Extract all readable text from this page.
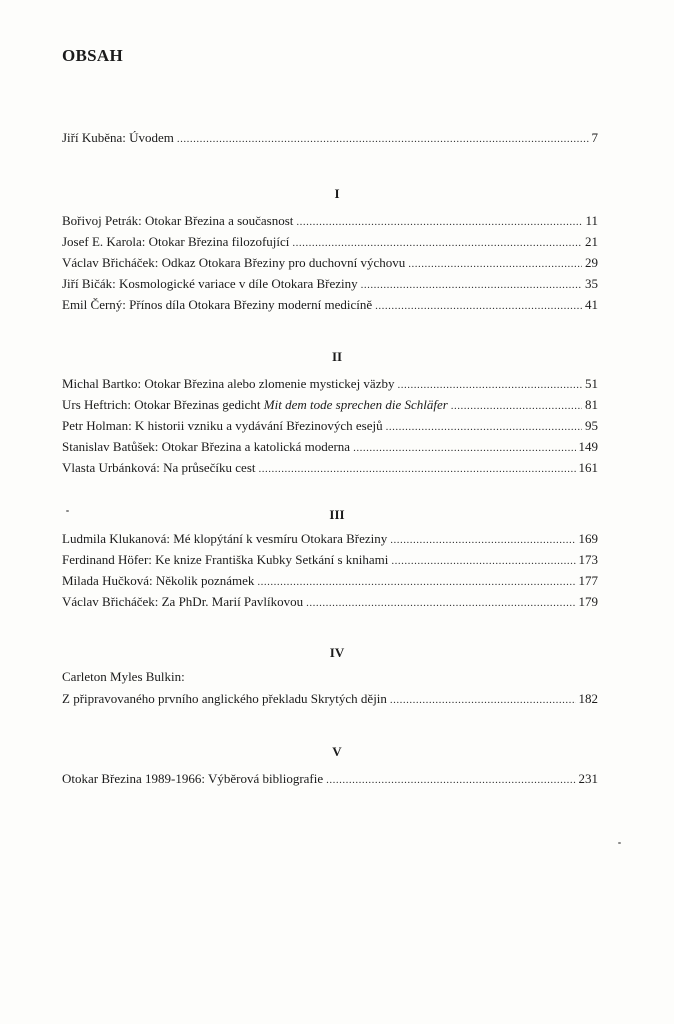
OBSAH
Jiří Kuběna: Úvodem .....	7
I
Bořivoj Petrák: Otokar Březina a současnost .....	11
Josef E. Karola: Otokar Březina filozofující .....	21
Václav Břicháček: Odkaz Otokara Březiny pro duchovní výchovu .....	29
Jiří Bičák: Kosmologické variace v díle Otokara Březiny .....	35
Emil Černý: Přínos díla Otokara Březiny moderní medicíně .....	41
II
Michal Bartko: Otokar Březina alebo zlomenie mystickej väzby .....	51
Urs Heftrich: Otokar Březinas gedicht Mit dem tode sprechen die Schläfer .....	81
Petr Holman: K historii vzniku a vydávání Březinových esejů .....	95
Stanislav Batůšek: Otokar Březina a katolická moderna .....	149
Vlasta Urbánková: Na průsečíku cest .....	161
III
Ludmila Klukanová: Mé klopýtání k vesmíru Otokara Březiny .....	169
Ferdinand Höfer: Ke knize Františka Kubky Setkání s knihami .....	173
Milada Hučková: Několik poznámek .....	177
Václav Břicháček: Za PhDr. Marií Pavlíkovou .....	179
IV
Carleton Myles Bulkin:
Z připravovaného prvního anglického překladu Skrytých dějin .....	182
V
Otokar Březina 1989-1966: Výběrová bibliografie .....	231
